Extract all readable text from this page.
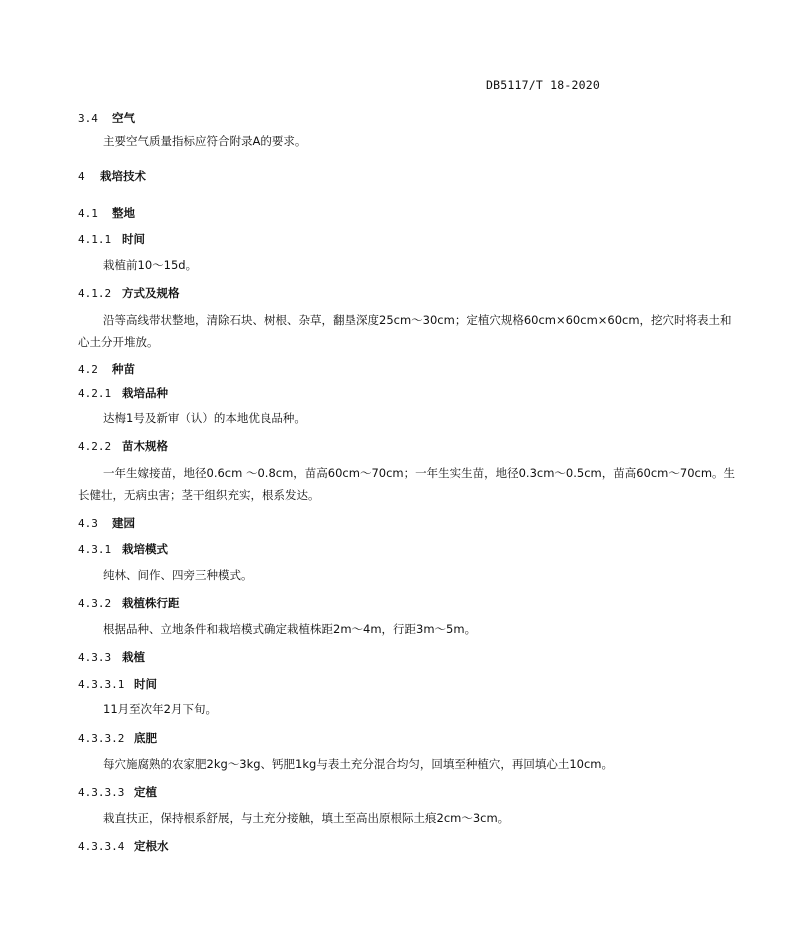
DB5117/T 18-2020
3.4 空气
主要空气质量指标应符合附录A的要求。
4 栽培技术
4.1 整地
4.1.1 时间
栽植前10～15d。
4.1.2 方式及规格
沿等高线带状整地，清除石块、树根、杂草，翻垦深度25cm～30cm；定植穴规格60cm×60cm×60cm，挖穴时将表土和心土分开堆放。
4.2 种苗
4.2.1 栽培品种
达梅1号及新审（认）的本地优良品种。
4.2.2 苗木规格
一年生嫁接苗，地径0.6cm ～0.8cm，苗高60cm～70cm；一年生实生苗，地径0.3cm～0.5cm，苗高60cm～70cm。生长健壮，无病虫害；茎干组织充实，根系发达。
4.3 建园
4.3.1 栽培模式
纯林、间作、四旁三种模式。
4.3.2 栽植株行距
根据品种、立地条件和栽培模式确定栽植株距2m～4m，行距3m～5m。
4.3.3 栽植
4.3.3.1 时间
11月至次年2月下旬。
4.3.3.2 底肥
每穴施腐熟的农家肥2kg～3kg、钙肥1kg与表土充分混合均匀，回填至种植穴，再回填心土10cm。
4.3.3.3 定植
栽直扶正，保持根系舒展，与土充分接触，填土至高出原根际土痕2cm～3cm。
4.3.3.4 定根水
